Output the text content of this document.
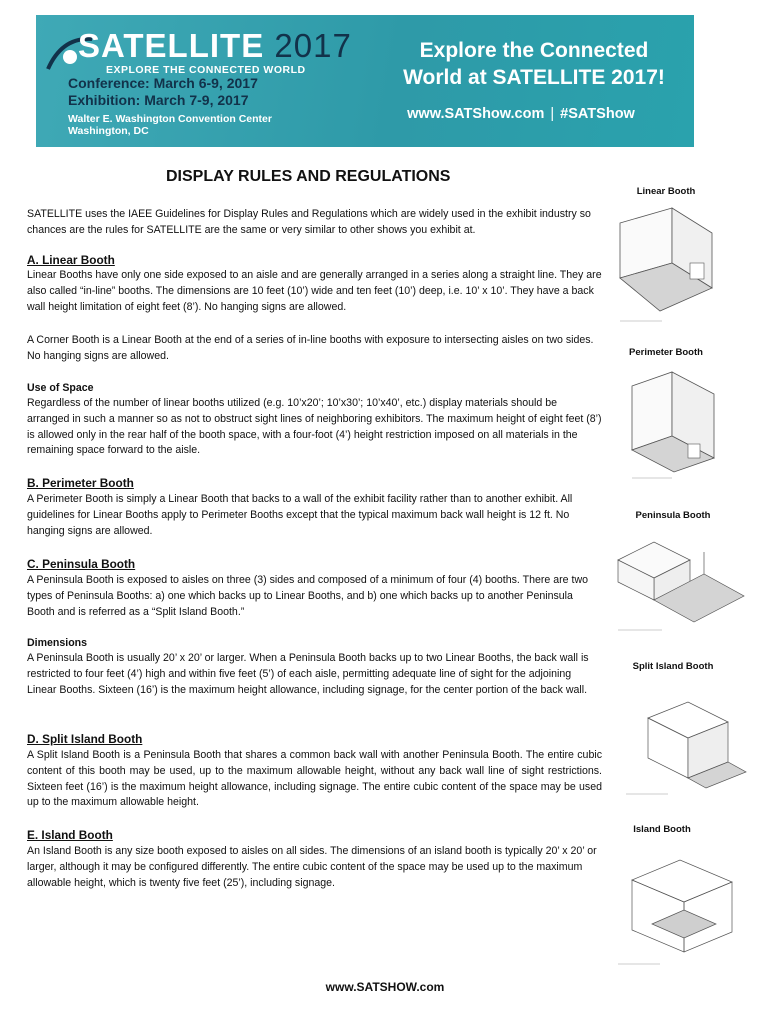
SATELLITE 2017
EXPLORE THE CONNECTED WORLD
Conference: March 6-9, 2017
Exhibition: March 7-9, 2017
Walter E. Washington Convention Center
Washington, DC
Explore the Connected
World at SATELLITE 2017!
www.SATShow.com | #SATShow
DISPLAY RULES AND REGULATIONS
SATELLITE uses the IAEE Guidelines for Display Rules and Regulations which are widely used in the exhibit industry so chances are the rules for SATELLITE are the same or very similar to other shows you exhibit at.
A. Linear Booth
Linear Booths have only one side exposed to an aisle and are generally arranged in a series along a straight line. They are also called “in-line” booths. The dimensions are 10 feet (10’) wide and ten feet (10’) deep, i.e. 10’ x 10’. They have a back wall height limitation of eight feet (8’). No hanging signs are allowed.
A Corner Booth is a Linear Booth at the end of a series of in-line booths with exposure to intersecting aisles on two sides. No hanging signs are allowed.
Use of Space
Regardless of the number of linear booths utilized (e.g. 10’x20’; 10’x30’; 10’x40’, etc.) display materials should be arranged in such a manner so as not to obstruct sight lines of neighboring exhibitors. The maximum height of eight feet (8’) is allowed only in the rear half of the booth space, with a four-foot (4’) height restriction imposed on all materials in the remaining space forward to the aisle.
B. Perimeter Booth
A Perimeter Booth is simply a Linear Booth that backs to a wall of the exhibit facility rather than to another exhibit. All guidelines for Linear Booths apply to Perimeter Booths except that the typical maximum back wall height is 12 ft. No hanging signs are allowed.
C. Peninsula Booth
A Peninsula Booth is exposed to aisles on three (3) sides and composed of a minimum of four (4) booths. There are two types of Peninsula Booths: a) one which backs up to Linear Booths, and b) one which backs up to another Peninsula Booth and is referred as a “Split Island Booth.”
Dimensions
A Peninsula Booth is usually 20’ x 20’ or larger. When a Peninsula Booth backs up to two Linear Booths, the back wall is restricted to four feet (4’) high and within five feet (5’) of each aisle, permitting adequate line of sight for the adjoining Linear Booths. Sixteen (16’) is the maximum height allowance, including signage, for the center portion of the back wall.
D. Split Island Booth
A Split Island Booth is a Peninsula Booth that shares a common back wall with another Peninsula Booth. The entire cubic content of this booth may be used, up to the maximum allowable height, without any back wall line of sight restrictions. Sixteen feet (16’) is the maximum height allowance, including signage. The entire cubic content of the space may be used up to the maximum allowable height.
E. Island Booth
An Island Booth is any size booth exposed to aisles on all sides. The dimensions of an island booth is typically 20’ x 20’ or larger, although it may be configured differently. The entire cubic content of the space may be used up to the maximum allowable height, which is twenty five feet (25’), including signage.
Linear Booth
Perimeter Booth
Peninsula Booth
Split Island Booth
Island Booth
www.SATSHOW.com
